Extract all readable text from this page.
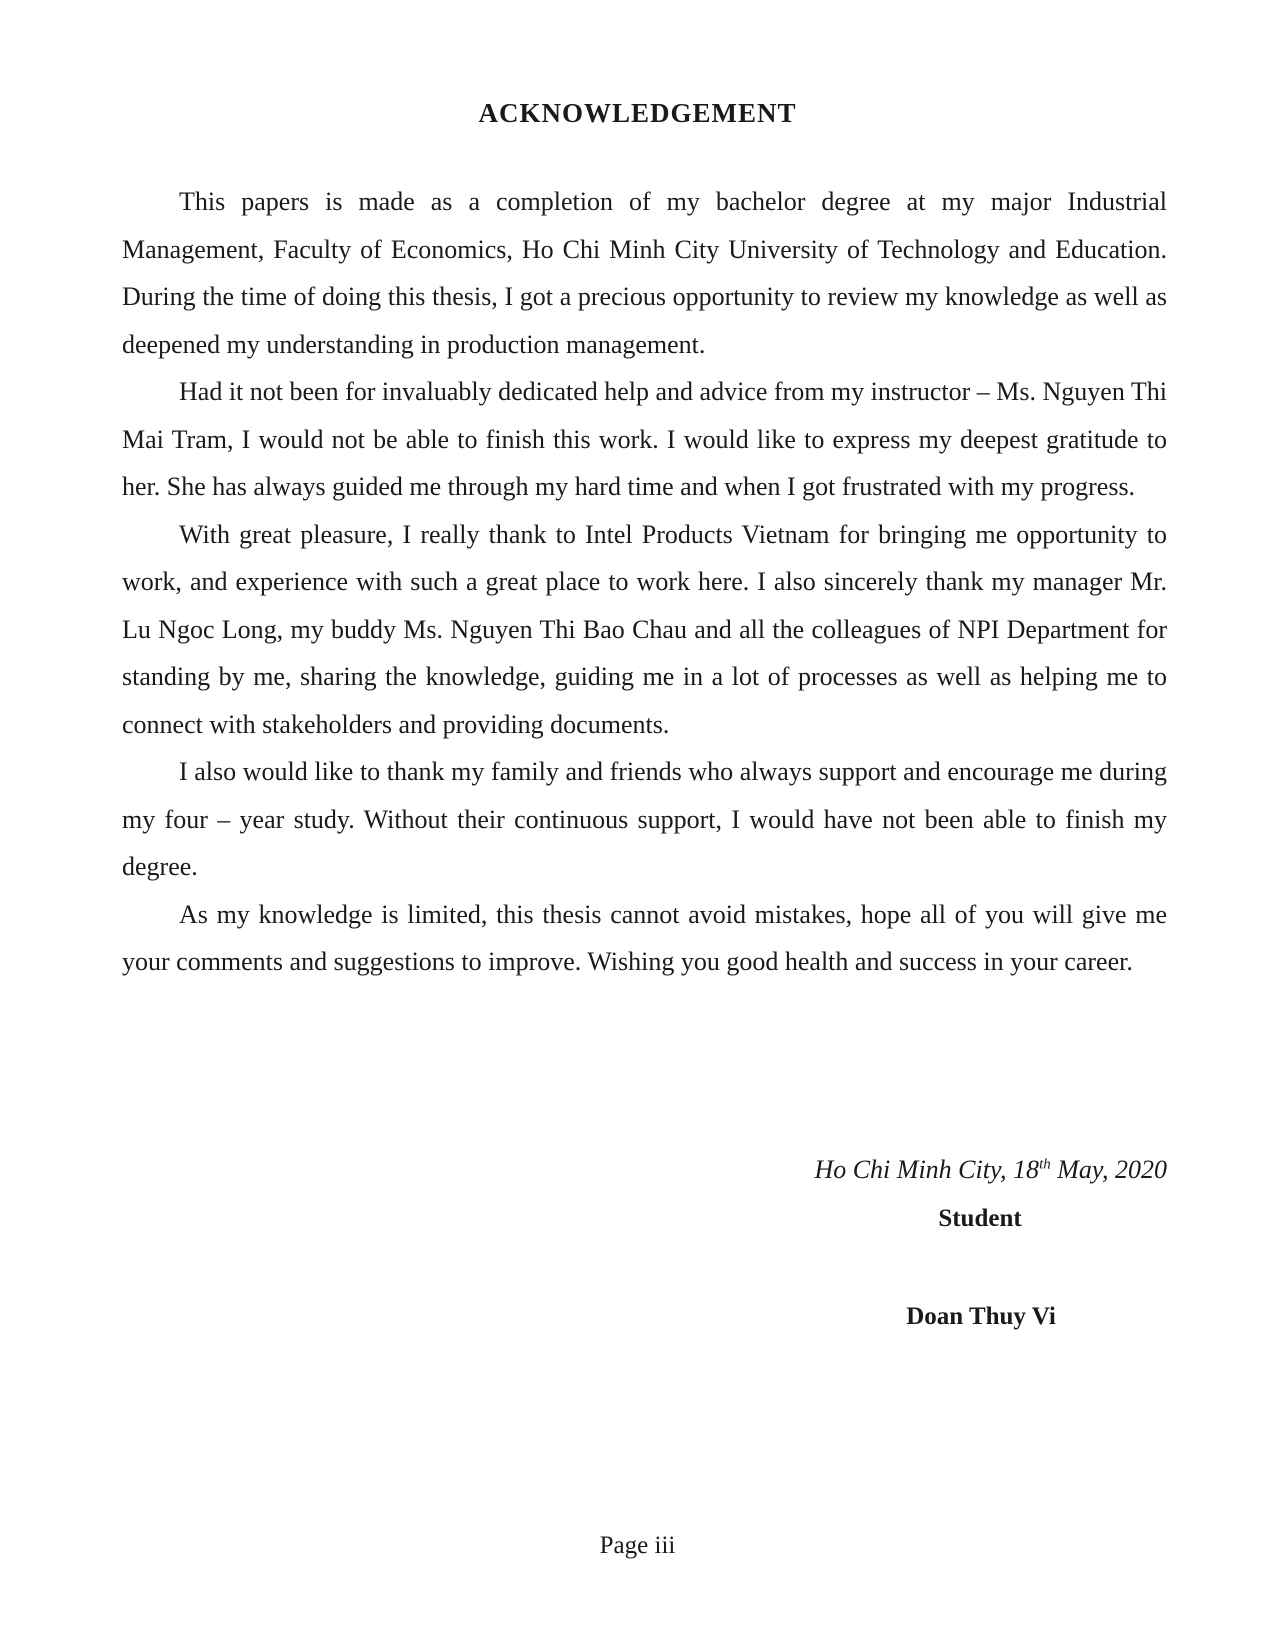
ACKNOWLEDGEMENT

This papers is made as a completion of my bachelor degree at my major Industrial Management, Faculty of Economics, Ho Chi Minh City University of Technology and Education. During the time of doing this thesis, I got a precious opportunity to review my knowledge as well as deepened my understanding in production management.

Had it not been for invaluably dedicated help and advice from my instructor – Ms. Nguyen Thi Mai Tram, I would not be able to finish this work. I would like to express my deepest gratitude to her. She has always guided me through my hard time and when I got frustrated with my progress.

With great pleasure, I really thank to Intel Products Vietnam for bringing me opportunity to work, and experience with such a great place to work here. I also sincerely thank my manager Mr. Lu Ngoc Long, my buddy Ms. Nguyen Thi Bao Chau and all the colleagues of NPI Department for standing by me, sharing the knowledge, guiding me in a lot of processes as well as helping me to connect with stakeholders and providing documents.

I also would like to thank my family and friends who always support and encourage me during my four – year study. Without their continuous support, I would have not been able to finish my degree.

As my knowledge is limited, this thesis cannot avoid mistakes, hope all of you will give me your comments and suggestions to improve. Wishing you good health and success in your career.

Ho Chi Minh City, 18th May, 2020

Student

Doan Thuy Vi

Page iii
